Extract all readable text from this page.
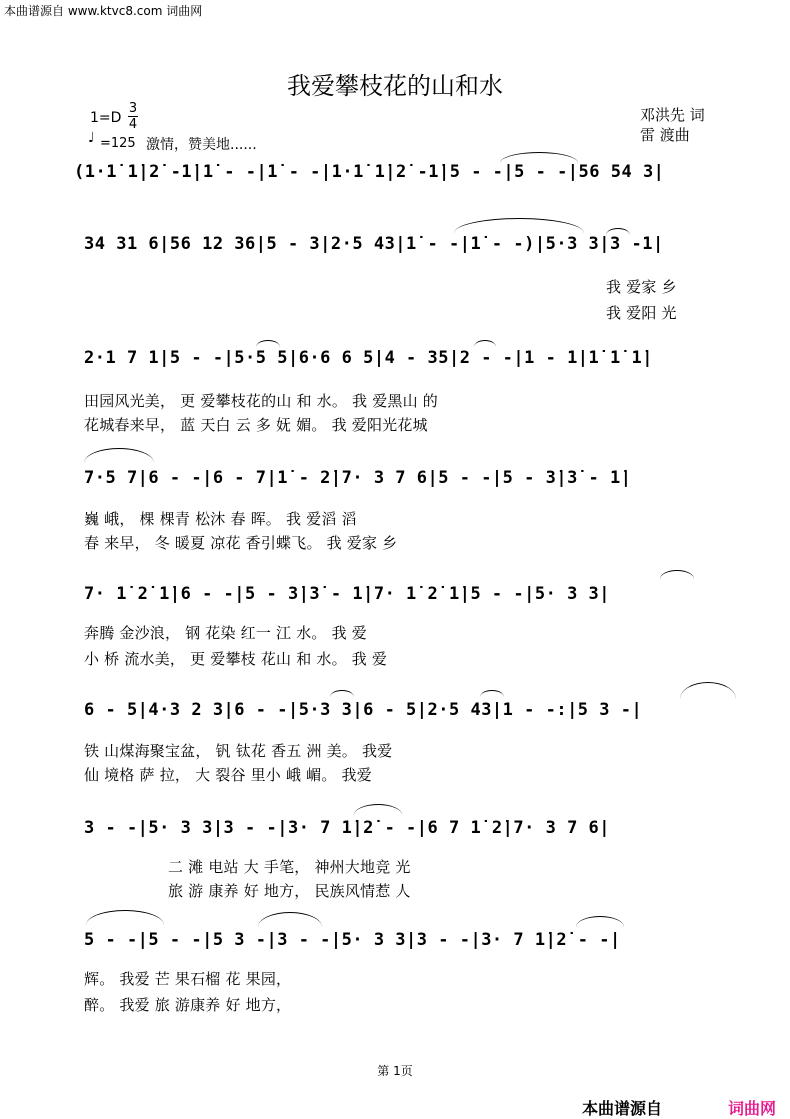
本曲谱源自 www.ktvc8.com 词曲网
我爱攀枝花的山和水
邓洪先 词
雷 渡曲
1=D
3
4
♩ =125 激情，赞美地......
(1·1̇ 1̇|2̇ -1̇|1̇ - -|1̇ - -|1·1̇ 1̇|2̇ -1̇|5 - -|5 - -|56 54 3|
34 31 6|56 12 36|5 - 3|2·5 43|1̇ - -|1̇ - -)|5·3 3|3 -1|
我 爱家 乡
我 爱阳 光
2·1 7 1|5 - -|5·5 5|6·6 6 5|4 - 35|2 - -|1 - 1|1̇ 1̇ 1̇|
田园风光美， 更 爱攀枝花的山 和 水。 我 爱黑山 的
花城春来早， 蓝 天白 云 多 妩 媚。 我 爱阳光花城
7·5 7|6 - -|6 - 7|1̇ - 2̇|7· 3 7 6|5 - -|5 - 3̇|3̇ - 1̇|
巍 峨， 棵 棵青 松沐 春 晖。 我 爱滔 滔
春 来早， 冬 暖夏 凉花 香引蝶飞。 我 爱家 乡
7· 1̇ 2̇ 1̇|6 - -|5 - 3̇|3̇ - 1̇|7· 1̇ 2̇ 1̇|5 - -|5· 3 3|
奔腾 金沙浪， 钢 花染 红一 江 水。 我 爱
小 桥 流水美， 更 爱攀枝 花山 和 水。 我 爱
6 - 5|4·3 2 3|6 - -|5·3 3|6 - 5|2·5 43|1 - -:|5 3 -|
铁 山煤海聚宝盆， 钒 钛花 香五 洲 美。 我爱
仙 境格 萨 拉， 大 裂谷 里小 峨 嵋。 我爱
3 - -|5· 3 3|3 - -|3· 7 1̇|2̇ - -|6 7 1̇ 2̇|7· 3 7 6|
二 滩 电站 大 手笔， 神州大地竞 光
旅 游 康养 好 地方， 民族风情惹 人
5 - -|5 - -|5 3 -|3 - -|5· 3 3|3 - -|3· 7 1̇|2̇ - -|
辉。 我爱 芒 果石榴 花 果园，
醉。 我爱 旅 游康养 好 地方，
第 1页
本曲谱源自	词曲网
